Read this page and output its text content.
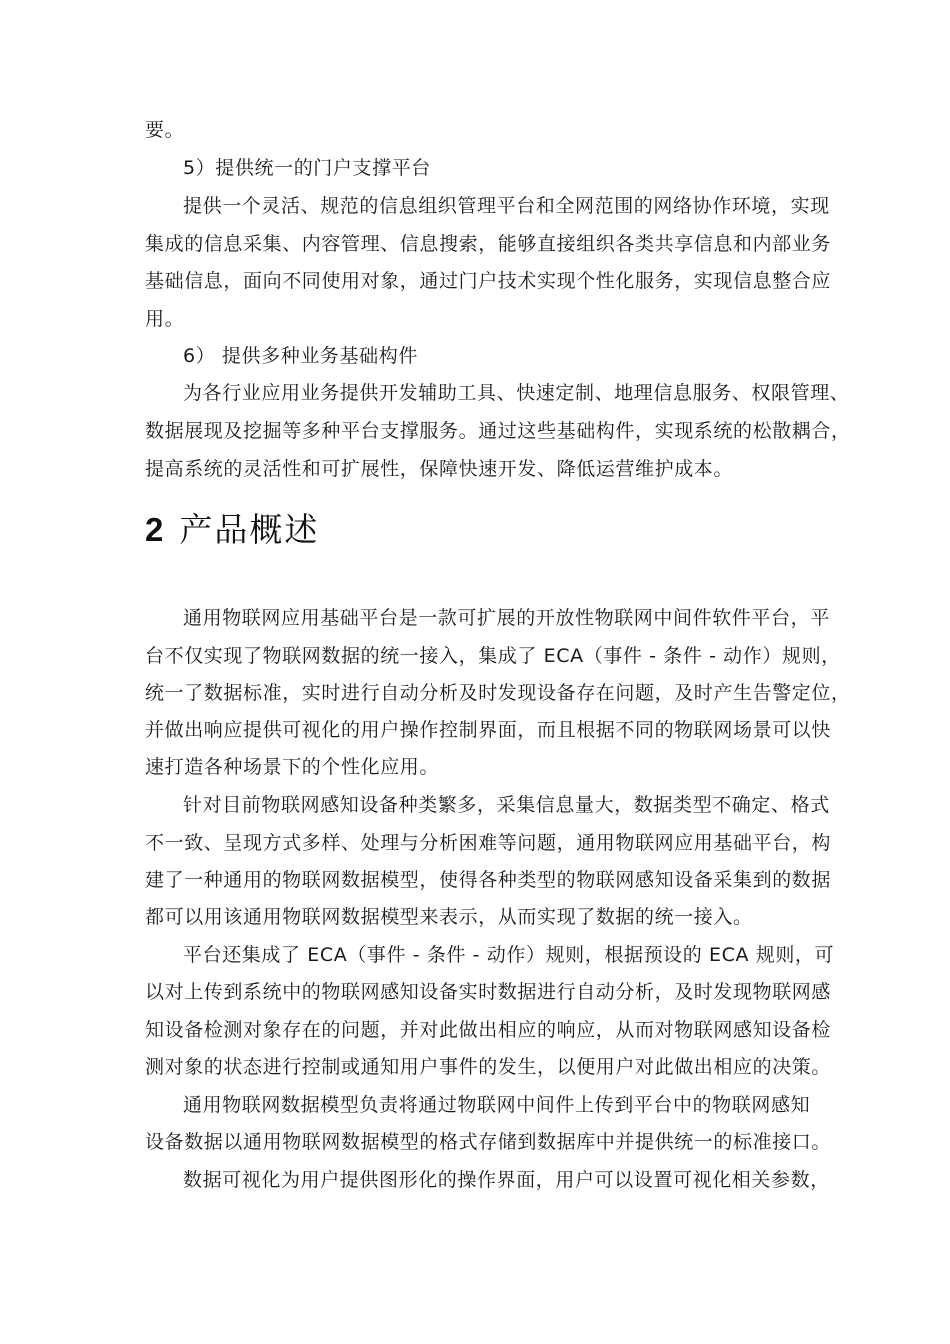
要。
5）提供统一的门户支撑平台
提供一个灵活、规范的信息组织管理平台和全网范围的网络协作环境，实现
集成的信息采集、内容管理、信息搜索，能够直接组织各类共享信息和内部业务
基础信息，面向不同使用对象，通过门户技术实现个性化服务，实现信息整合应
用。
6） 提供多种业务基础构件
为各行业应用业务提供开发辅助工具、快速定制、地理信息服务、权限管理、
数据展现及挖掘等多种平台支撑服务。通过这些基础构件，实现系统的松散耦合，
提高系统的灵活性和可扩展性，保障快速开发、降低运营维护成本。
2 产品概述
通用物联网应用基础平台是一款可扩展的开放性物联网中间件软件平台，平
台不仅实现了物联网数据的统一接入，集成了 ECA（事件 - 条件 - 动作）规则，
统一了数据标准，实时进行自动分析及时发现设备存在问题，及时产生告警定位，
并做出响应提供可视化的用户操作控制界面，而且根据不同的物联网场景可以快
速打造各种场景下的个性化应用。
针对目前物联网感知设备种类繁多，采集信息量大，数据类型不确定、格式
不一致、呈现方式多样、处理与分析困难等问题，通用物联网应用基础平台，构
建了一种通用的物联网数据模型，使得各种类型的物联网感知设备采集到的数据
都可以用该通用物联网数据模型来表示，从而实现了数据的统一接入。
平台还集成了 ECA（事件 - 条件 - 动作）规则，根据预设的 ECA 规则，可
以对上传到系统中的物联网感知设备实时数据进行自动分析，及时发现物联网感
知设备检测对象存在的问题，并对此做出相应的响应，从而对物联网感知设备检
测对象的状态进行控制或通知用户事件的发生，以便用户对此做出相应的决策。
通用物联网数据模型负责将通过物联网中间件上传到平台中的物联网感知
设备数据以通用物联网数据模型的格式存储到数据库中并提供统一的标准接口。
数据可视化为用户提供图形化的操作界面，用户可以设置可视化相关参数，
